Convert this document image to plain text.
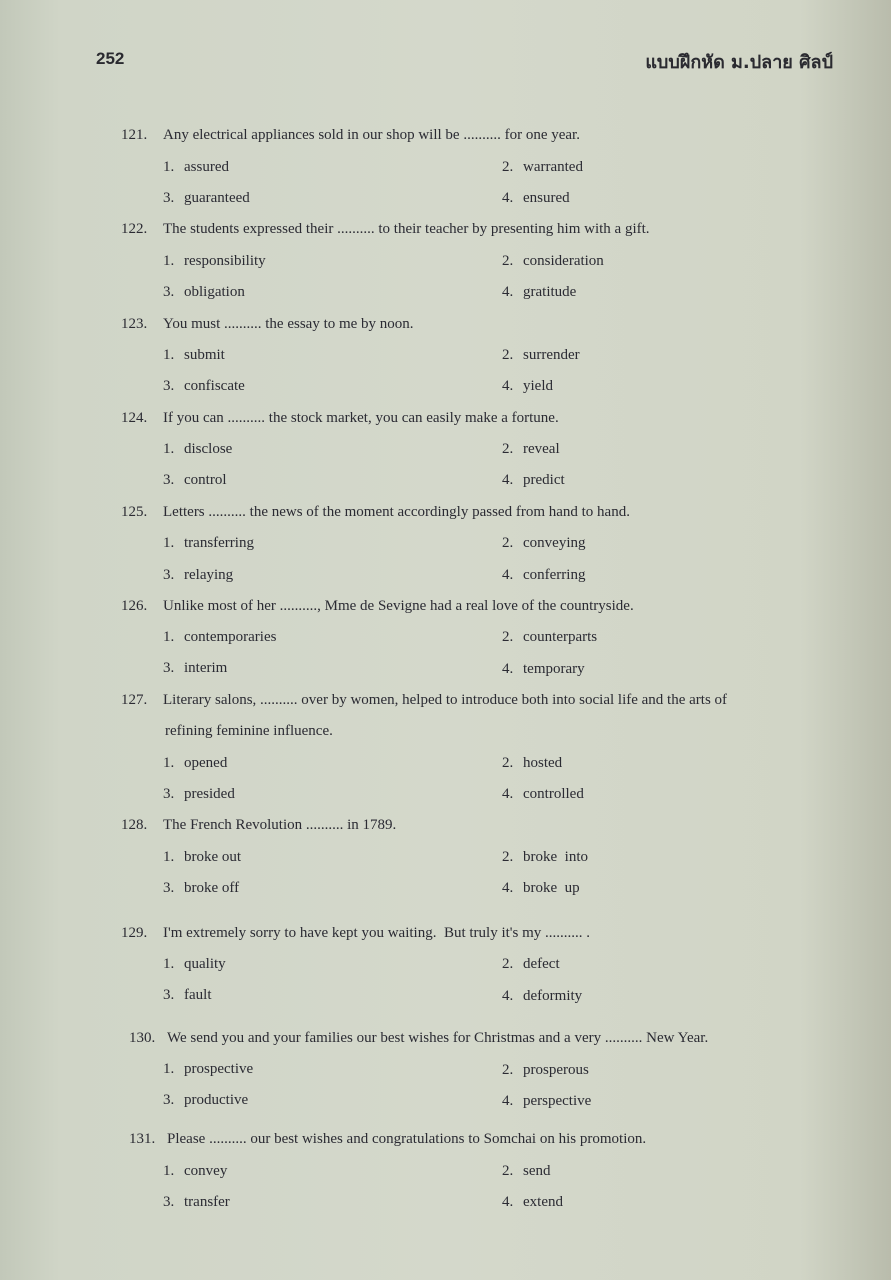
252	แบบฝึกหัด ม.ปลาย ศิลป์
121. Any electrical appliances sold in our shop will be .......... for one year.
1. assured	2. warranted
3. guaranteed	4. ensured
122. The students expressed their .......... to their teacher by presenting him with a gift.
1. responsibility	2. consideration
3. obligation	4. gratitude
123. You must .......... the essay to me by noon.
1. submit	2. surrender
3. confiscate	4. yield
124. If you can .......... the stock market, you can easily make a fortune.
1. disclose	2. reveal
3. control	4. predict
125. Letters .......... the news of the moment accordingly passed from hand to hand.
1. transferring	2. conveying
3. relaying	4. conferring
126. Unlike most of her .........., Mme de Sevigne had a real love of the countryside.
1. contemporaries	2. counterparts
3. interim	4. temporary
127. Literary salons, .......... over by women, helped to introduce both into social life and the arts of
refining feminine influence.
1. opened	2. hosted
3. presided	4. controlled
128. The French Revolution .......... in 1789.
1. broke out	2. broke  into
3. broke off	4. broke  up
129. I'm extremely sorry to have kept you waiting.  But truly it's my .......... .
1. quality	2. defect
3. fault	4. deformity
130. We send you and your families our best wishes for Christmas and a very .......... New Year.
1. prospective	2. prosperous
3. productive	4. perspective
131. Please .......... our best wishes and congratulations to Somchai on his promotion.
1. convey	2. send
3. transfer	4. extend
